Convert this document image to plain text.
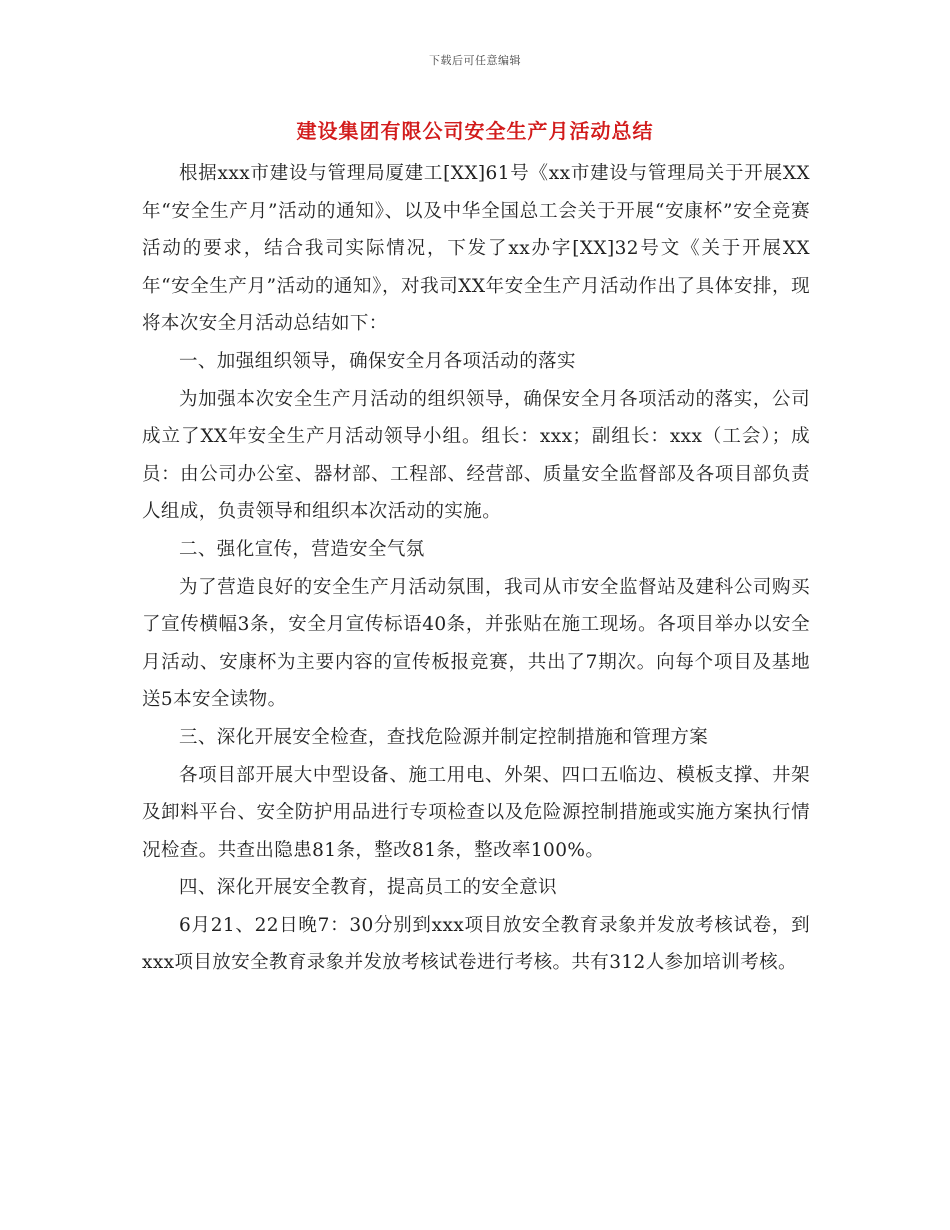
下载后可任意编辑
建设集团有限公司安全生产月活动总结

根据xxx市建设与管理局厦建工[XX]61号《xx市建设与管理局关于开展XX年“安全生产月”活动的通知》、以及中华全国总工会关于开展“安康杯”安全竞赛活动的要求，结合我司实际情况，下发了xx办字[XX]32号文《关于开展XX年“安全生产月”活动的通知》，对我司XX年安全生产月活动作出了具体安排，现将本次安全月活动总结如下：

一、加强组织领导，确保安全月各项活动的落实

为加强本次安全生产月活动的组织领导，确保安全月各项活动的落实，公司成立了XX年安全生产月活动领导小组。组长：xxx；副组长：xxx（工会）；成员：由公司办公室、器材部、工程部、经营部、质量安全监督部及各项目部负责人组成，负责领导和组织本次活动的实施。

二、强化宣传，营造安全气氛

为了营造良好的安全生产月活动氛围，我司从市安全监督站及建科公司购买了宣传横幅3条，安全月宣传标语40条，并张贴在施工现场。各项目举办以安全月活动、安康杯为主要内容的宣传板报竞赛，共出了7期次。向每个项目及基地送5本安全读物。

三、深化开展安全检查，查找危险源并制定控制措施和管理方案

各项目部开展大中型设备、施工用电、外架、四口五临边、模板支撑、井架及卸料平台、安全防护用品进行专项检查以及危险源控制措施或实施方案执行情况检查。共查出隐患81条，整改81条，整改率100%。

四、深化开展安全教育，提高员工的安全意识

6月21、22日晚7：30分别到xxx项目放安全教育录象并发放考核试卷，到xxx项目放安全教育录象并发放考核试卷进行考核。共有312人参加培训考核。
